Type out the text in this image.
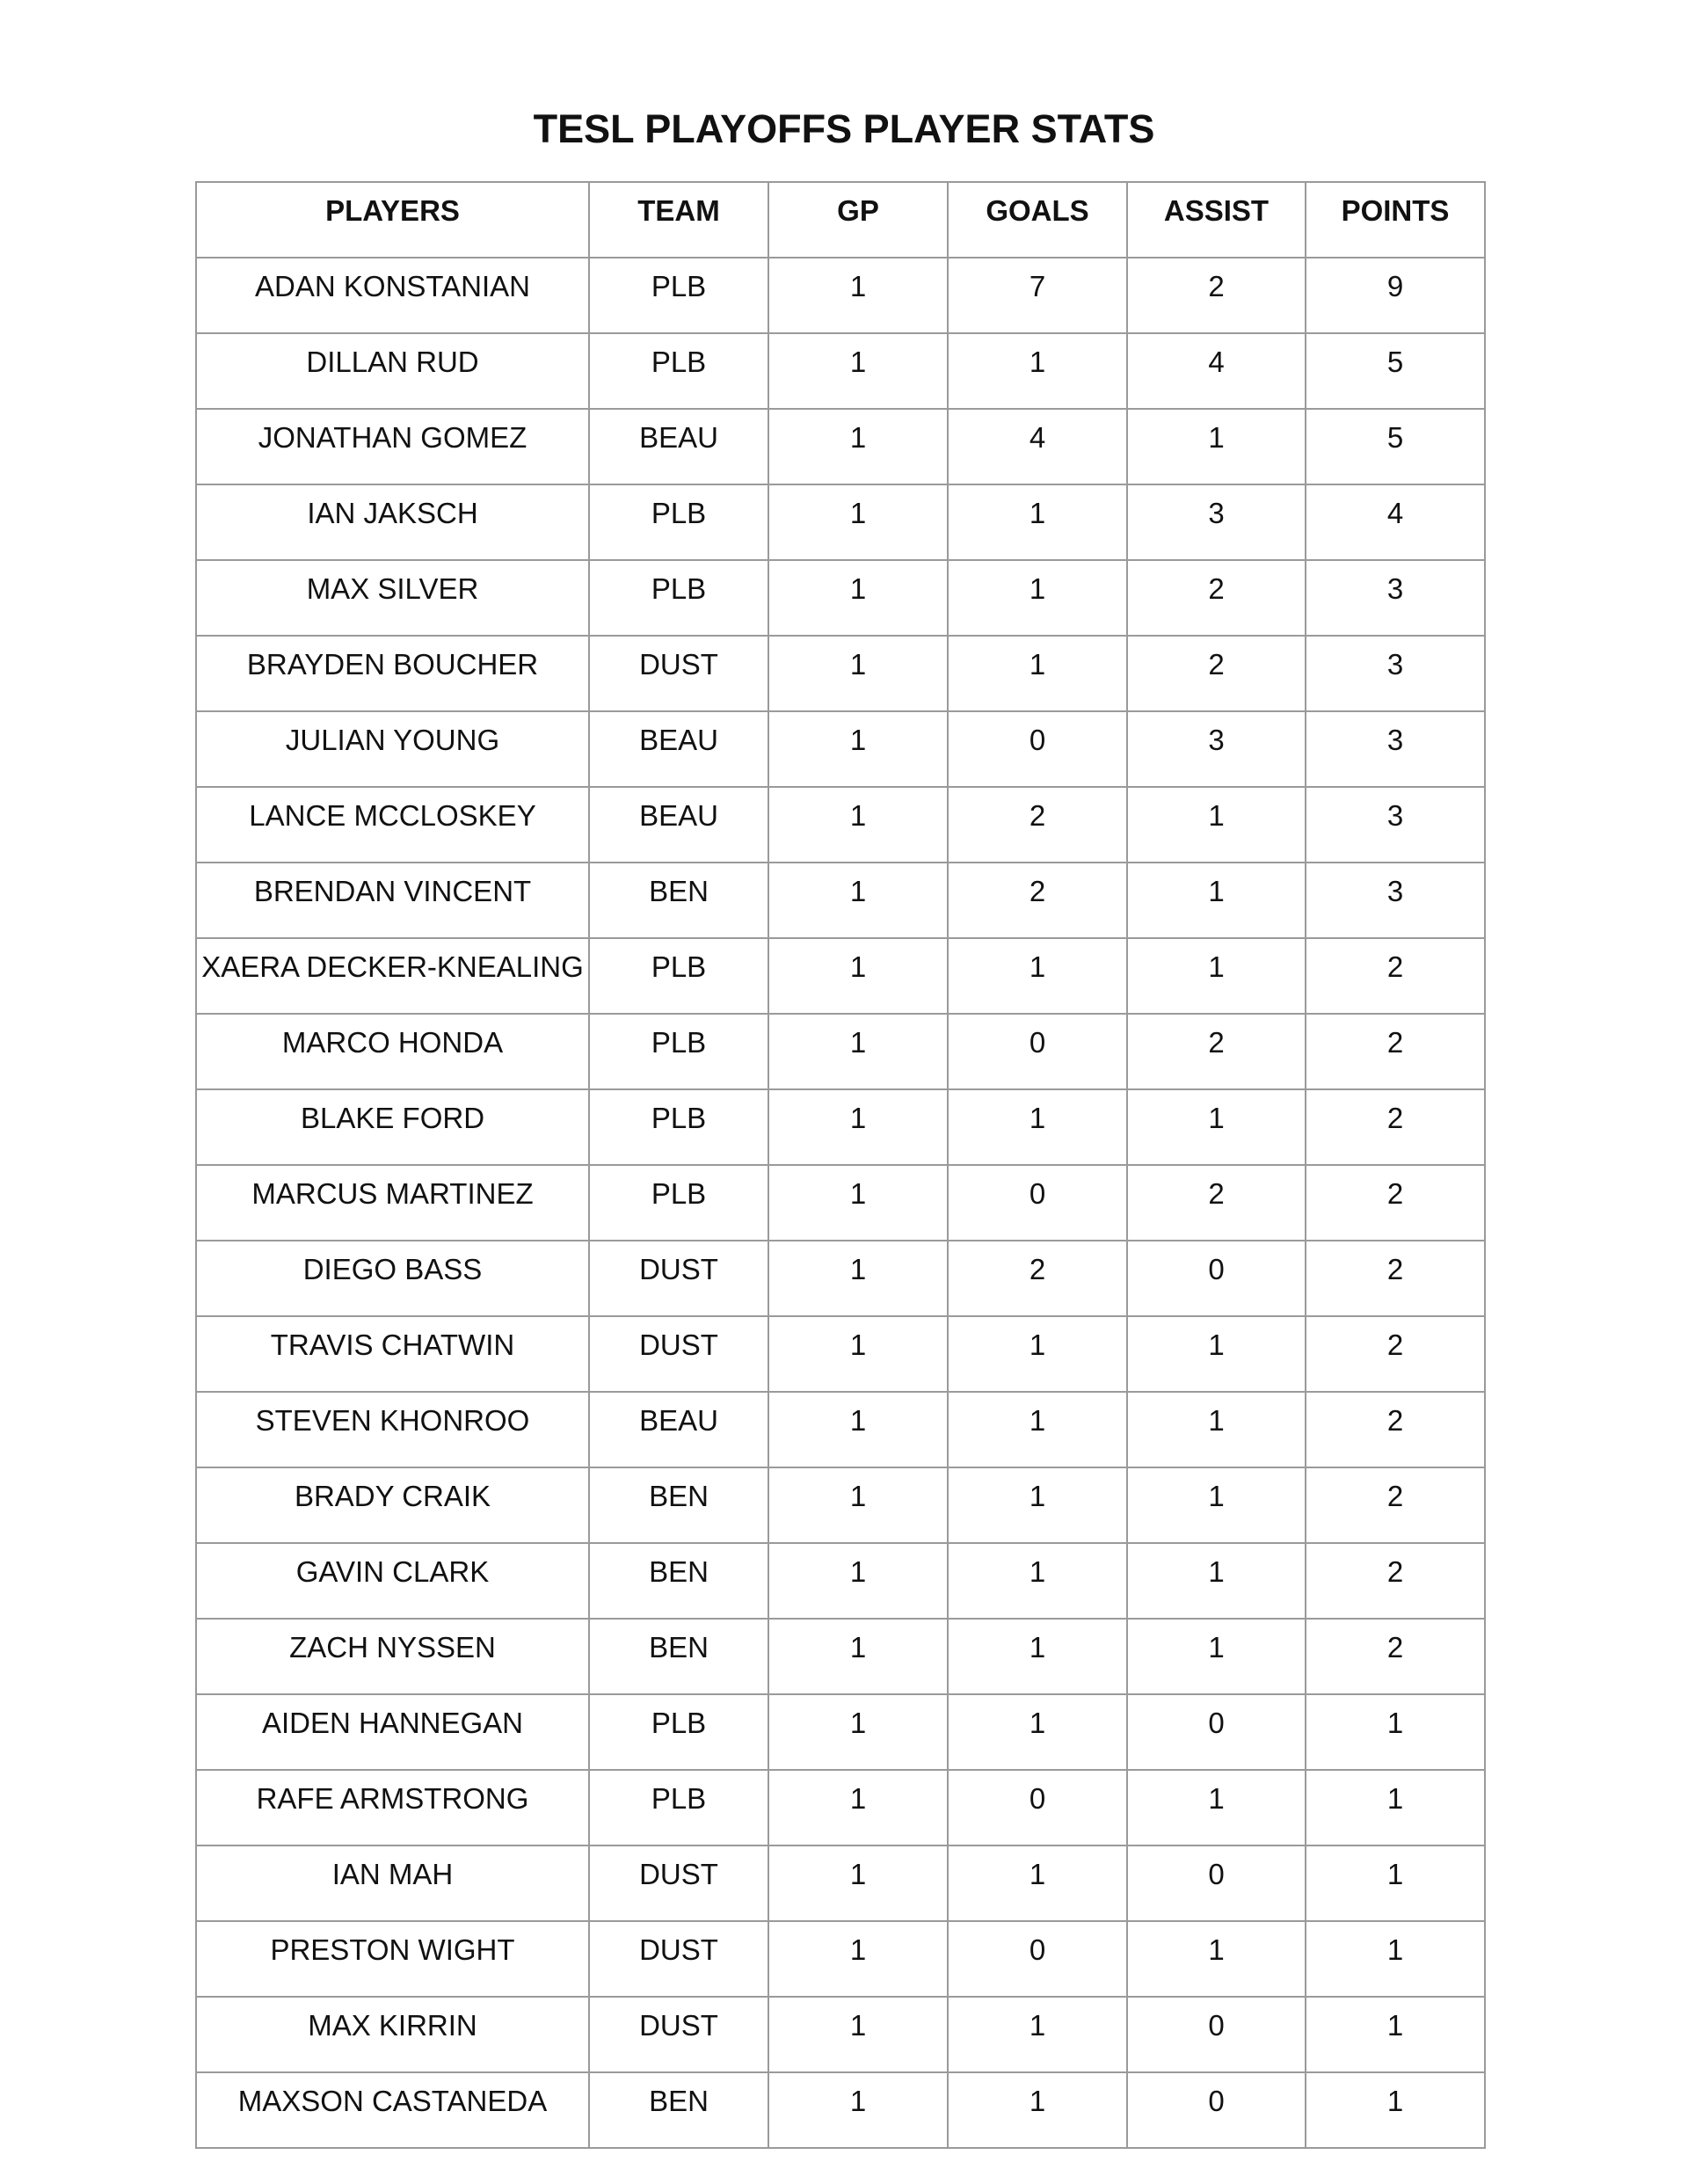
TESL PLAYOFFS PLAYER STATS
PLAYERS	TEAM	GP	GOALS	ASSIST	POINTS
ADAN KONSTANIAN	PLB	1	7	2	9
DILLAN RUD	PLB	1	1	4	5
JONATHAN GOMEZ	BEAU	1	4	1	5
IAN JAKSCH	PLB	1	1	3	4
MAX SILVER	PLB	1	1	2	3
BRAYDEN BOUCHER	DUST	1	1	2	3
JULIAN YOUNG	BEAU	1	0	3	3
LANCE MCCLOSKEY	BEAU	1	2	1	3
BRENDAN VINCENT	BEN	1	2	1	3
XAERA DECKER-KNEALING	PLB	1	1	1	2
MARCO HONDA	PLB	1	0	2	2
BLAKE FORD	PLB	1	1	1	2
MARCUS MARTINEZ	PLB	1	0	2	2
DIEGO BASS	DUST	1	2	0	2
TRAVIS CHATWIN	DUST	1	1	1	2
STEVEN KHONROO	BEAU	1	1	1	2
BRADY CRAIK	BEN	1	1	1	2
GAVIN CLARK	BEN	1	1	1	2
ZACH NYSSEN	BEN	1	1	1	2
AIDEN HANNEGAN	PLB	1	1	0	1
RAFE ARMSTRONG	PLB	1	0	1	1
IAN MAH	DUST	1	1	0	1
PRESTON WIGHT	DUST	1	0	1	1
MAX KIRRIN	DUST	1	1	0	1
MAXSON CASTANEDA	BEN	1	1	0	1
